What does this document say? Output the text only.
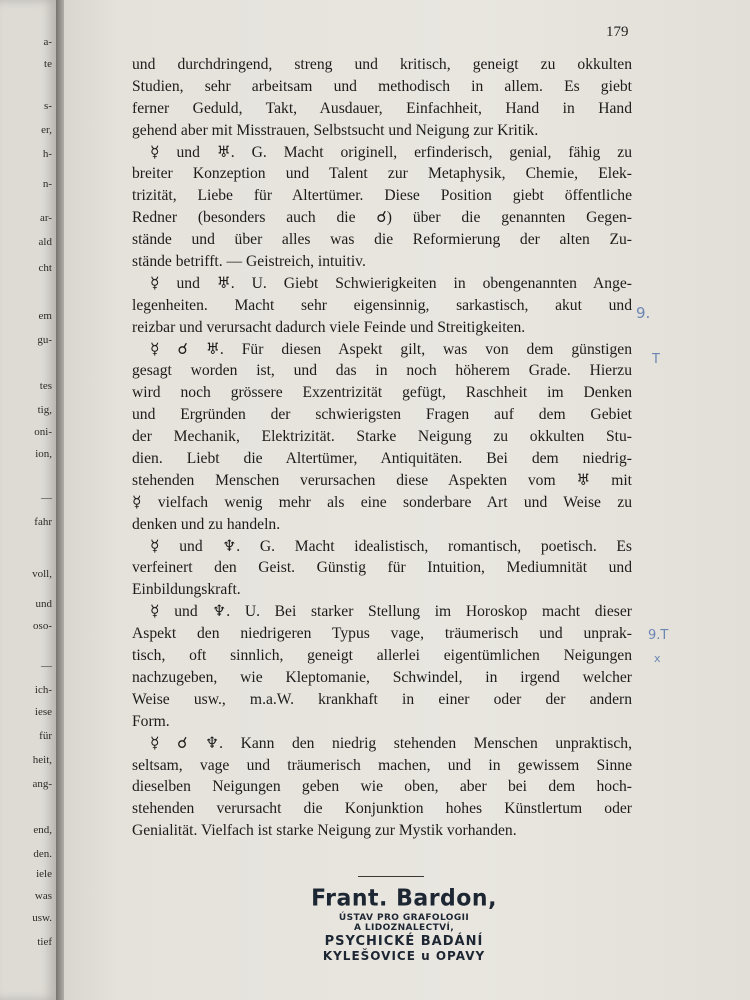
a-
te
s-
er,
h-
n-
ar-
ald
cht
em
gu-
tes
tig,
oni-
ion,
—
fahr
voll,
und
oso-
—
ich-
iese
für
heit,
ang-
end,
den.
iele
was
usw.
tief
179
und durchdringend, streng und kritisch, geneigt zu okkulten
Studien, sehr arbeitsam und methodisch in allem. Es giebt
ferner Geduld, Takt, Ausdauer, Einfachheit, Hand in Hand
gehend aber mit Misstrauen, Selbstsucht und Neigung zur Kritik.
☿ und ♅. G. Macht originell, erfinderisch, genial, fähig zu
breiter Konzeption und Talent zur Metaphysik, Chemie, Elek-
trizität, Liebe für Altertümer. Diese Position giebt öffentliche
Redner (besonders auch die ☌) über die genannten Gegen-
stände und über alles was die Reformierung der alten Zu-
stände betrifft. — Geistreich, intuitiv.
☿ und ♅. U. Giebt Schwierigkeiten in obengenannten Ange-
legenheiten. Macht sehr eigensinnig, sarkastisch, akut und
reizbar und verursacht dadurch viele Feinde und Streitigkeiten.
☿ ☌ ♅. Für diesen Aspekt gilt, was von dem günstigen
gesagt worden ist, und das in noch höherem Grade. Hierzu
wird noch grössere Exzentrizität gefügt, Raschheit im Denken
und Ergründen der schwierigsten Fragen auf dem Gebiet
der Mechanik, Elektrizität. Starke Neigung zu okkulten Stu-
dien. Liebt die Altertümer, Antiquitäten. Bei dem niedrig-
stehenden Menschen verursachen diese Aspekten vom ♅ mit
☿ vielfach wenig mehr als eine sonderbare Art und Weise zu
denken und zu handeln.
☿ und ♆. G. Macht idealistisch, romantisch, poetisch. Es
verfeinert den Geist. Günstig für Intuition, Mediumnität und
Einbildungskraft.
☿ und ♆. U. Bei starker Stellung im Horoskop macht dieser
Aspekt den niedrigeren Typus vage, träumerisch und unprak-
tisch, oft sinnlich, geneigt allerlei eigentümlichen Neigungen
nachzugeben, wie Kleptomanie, Schwindel, in irgend welcher
Weise usw., m.a.W. krankhaft in einer oder der andern
Form.
☿ ☌ ♆. Kann den niedrig stehenden Menschen unpraktisch,
seltsam, vage und träumerisch machen, und in gewissem Sinne
dieselben Neigungen geben wie oben, aber bei dem hoch-
stehenden verursacht die Konjunktion hohes Künstlertum oder
Genialität. Vielfach ist starke Neigung zur Mystik vorhanden.
9.
T
9.T
x
Frant. Bardon,
ÚSTAV PRO GRAFOLOGII
A LIDOZNALECTVÍ,
PSYCHICKÉ BADÁNÍ
KYLEŠOVICE u OPAVY
